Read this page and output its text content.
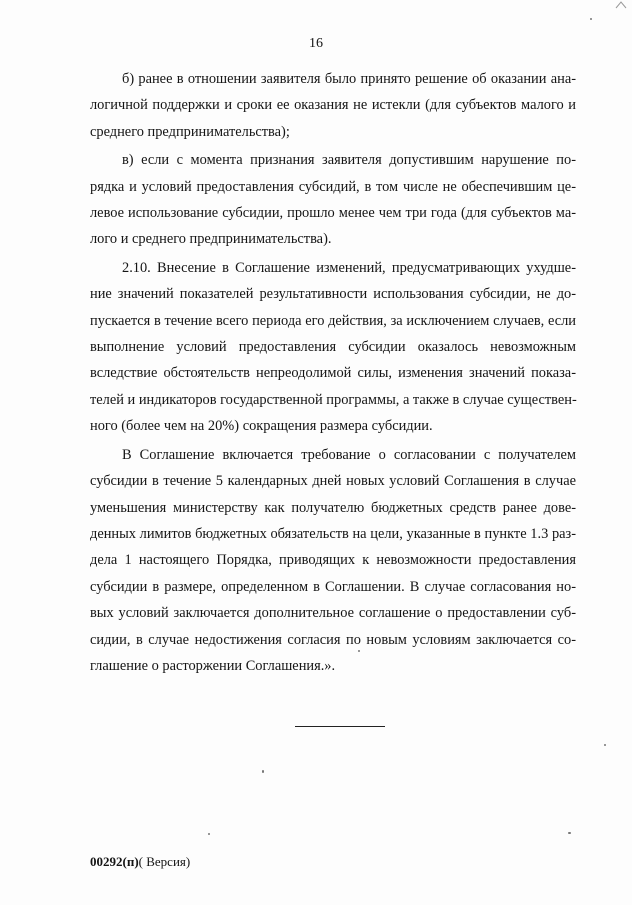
16
б) ранее в отношении заявителя было принято решение об оказании ана-
логичной поддержки и сроки ее оказания не истекли (для субъектов малого и
среднего предпринимательства);
в) если с момента признания заявителя допустившим нарушение по-
рядка и условий предоставления субсидий, в том числе не обеспечившим це-
левое использование субсидии, прошло менее чем три года (для субъектов ма-
лого и среднего предпринимательства).
2.10. Внесение в Соглашение изменений, предусматривающих ухудше-
ние значений показателей результативности использования субсидии, не до-
пускается в течение всего периода его действия, за исключением случаев, если
выполнение условий предоставления субсидии оказалось невозможным
вследствие обстоятельств непреодолимой силы, изменения значений показа-
телей и индикаторов государственной программы, а также в случае существен-
ного (более чем на 20%) сокращения размера субсидии.
В Соглашение включается требование о согласовании с получателем
субсидии в течение 5 календарных дней новых условий Соглашения в случае
уменьшения министерству как получателю бюджетных средств ранее дове-
денных лимитов бюджетных обязательств на цели, указанные в пункте 1.3 раз-
дела 1 настоящего Порядка, приводящих к невозможности предоставления
субсидии в размере, определенном в Соглашении. В случае согласования но-
вых условий заключается дополнительное соглашение о предоставлении суб-
сидии, в случае недостижения согласия по новым условиям заключается со-
глашение о расторжении Соглашения.».
00292(п)( Версия)
